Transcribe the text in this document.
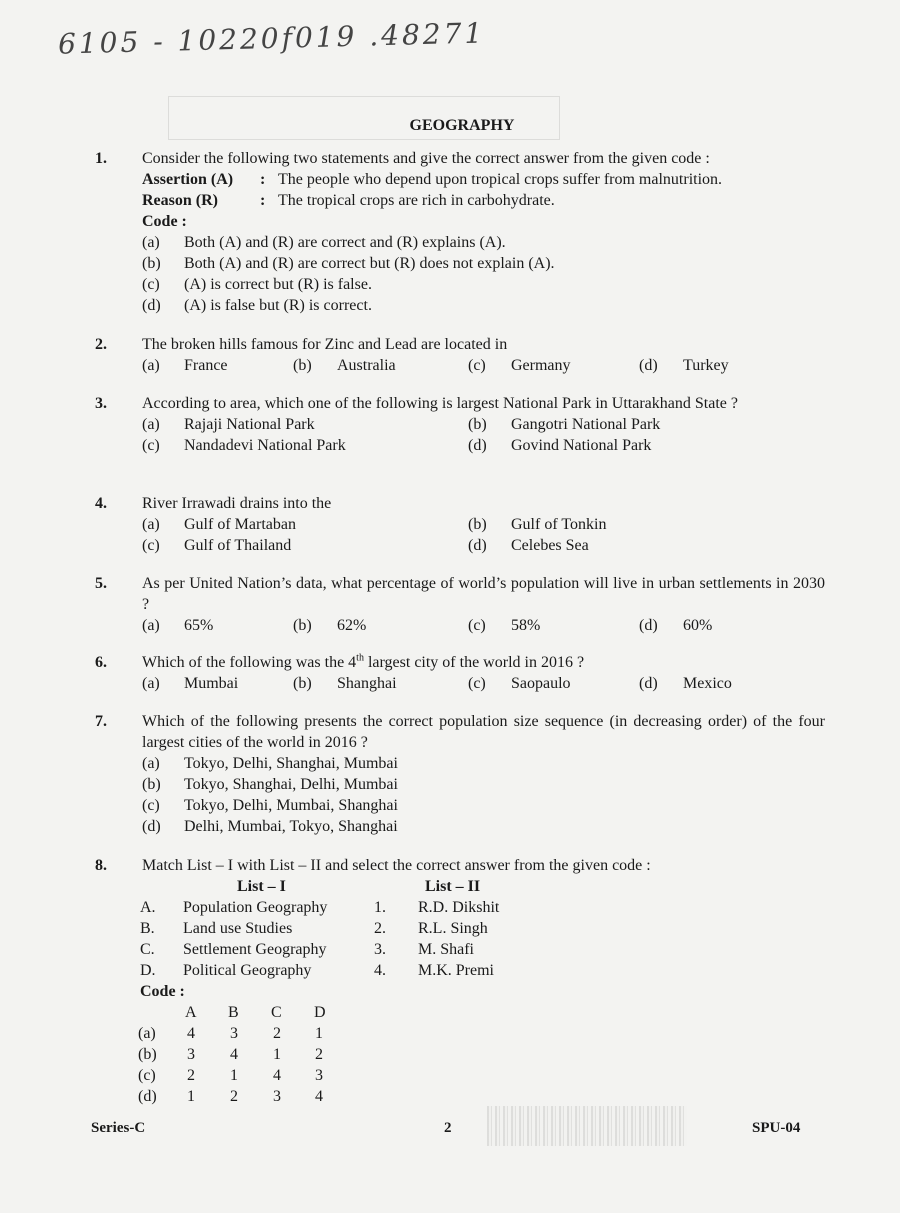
6105 - 10220f019 .48271
GEOGRAPHY
1. Consider the following two statements and give the correct answer from the given code :
Assertion (A) : The people who depend upon tropical crops suffer from malnutrition.
Reason (R)	: The tropical crops are rich in carbohydrate.
Code :
(a) Both (A) and (R) are correct and (R) explains (A).
(b) Both (A) and (R) are correct but (R) does not explain (A).
(c) (A) is correct but (R) is false.
(d) (A) is false but (R) is correct.
2. The broken hills famous for Zinc and Lead are located in
(a) France	(b) Australia	(c) Germany	(d) Turkey
3. According to area, which one of the following is largest National Park in Uttarakhand State ?
(a) Rajaji National Park	(b) Gangotri National Park
(c) Nandadevi National Park	(d) Govind National Park
4. River Irrawadi drains into the
(a) Gulf of Martaban	(b) Gulf of Tonkin
(c) Gulf of Thailand	(d) Celebes Sea
5. As per United Nation’s data, what percentage of world’s population will live in urban settlements in 2030 ?
(a) 65%	(b) 62%	(c) 58%	(d) 60%
6. Which of the following was the 4th largest city of the world in 2016 ?
(a) Mumbai	(b) Shanghai	(c) Saopaulo	(d) Mexico
7. Which of the following presents the correct population size sequence (in decreasing order) of the four largest cities of the world in 2016 ?
(a) Tokyo, Delhi, Shanghai, Mumbai
(b) Tokyo, Shanghai, Delhi, Mumbai
(c) Tokyo, Delhi, Mumbai, Shanghai
(d) Delhi, Mumbai, Tokyo, Shanghai
8. Match List – I with List – II and select the correct answer from the given code :
List – I	List – II
A. Population Geography	1. R.D. Dikshit
B. Land use Studies	2. R.L. Singh
C. Settlement Geography	3. M. Shafi
D. Political Geography	4. M.K. Premi
Code :
A B C D
(a) 4 3 2 1
(b) 3 4 1 2
(c) 2 1 4 3
(d) 1 2 3 4
Series-C	2	SPU-04
